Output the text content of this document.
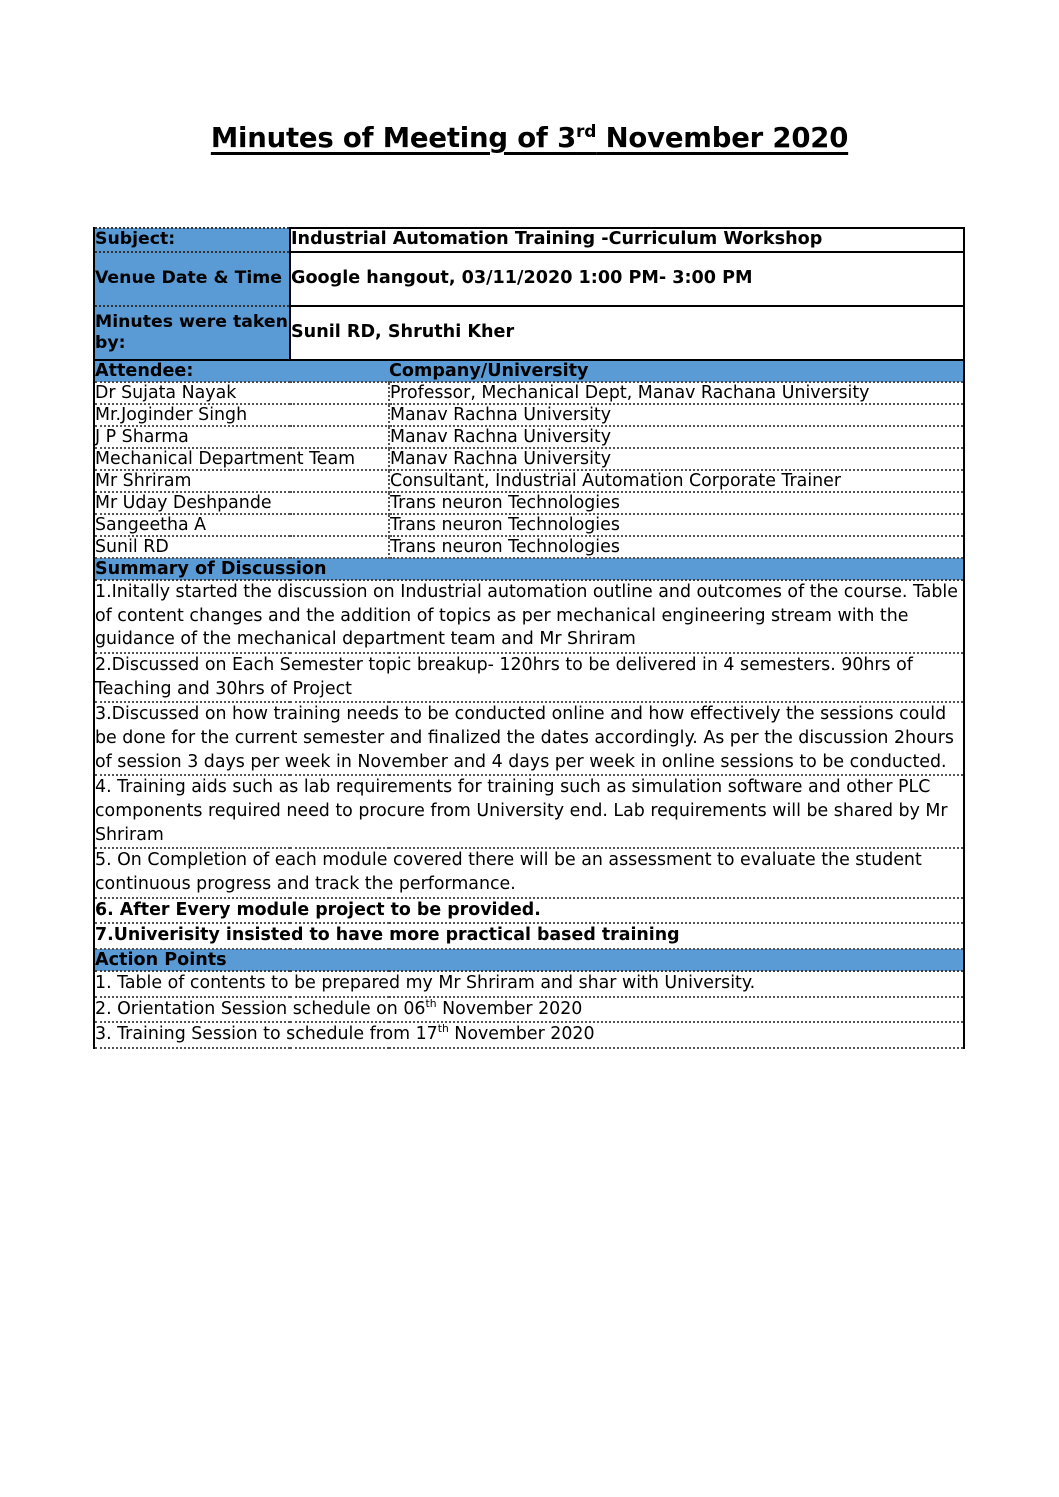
Minutes of Meeting of 3rd November 2020
Subject:	Industrial Automation Training -Curriculum Workshop	
Venue Date & Time	Google hangout, 03/11/2020 1:00 PM- 3:00 PM	
Minutes were taken by:	Sunil RD, Shruthi Kher	
Attendee:		Company/University
Dr Sujata Nayak		Professor, Mechanical Dept, Manav Rachana University
Mr.Joginder Singh		Manav Rachna University
J P Sharma		Manav Rachna University
Mechanical Department Team		Manav Rachna University
Mr Shriram		Consultant, Industrial Automation Corporate Trainer
Mr Uday Deshpande		Trans neuron Technologies
Sangeetha A		Trans neuron Technologies
Sunil RD		Trans neuron Technologies
Summary of Discussion		
1.Initally started the discussion on Industrial automation outline and outcomes of the course. Table of content changes and the addition of topics as per mechanical engineering stream with the guidance of the mechanical department team and Mr Shriram		
2.Discussed on Each Semester topic breakup- 120hrs to be delivered in 4 semesters. 90hrs of Teaching and 30hrs of Project		
3.Discussed on how training needs to be conducted online and how effectively the sessions could be done for the current semester and finalized the dates accordingly. As per the discussion 2hours of session 3 days per week in November and 4 days per week in online sessions to be conducted.		
4. Training aids such as lab requirements for training such as simulation software and other PLC components required need to procure from University end. Lab requirements will be shared by Mr Shriram		
5. On Completion of each module covered there will be an assessment to evaluate the student continuous progress and track the performance.		
6. After Every module project to be provided.		
7.Univerisity insisted to have more practical based training		
Action Points		
1. Table of contents to be prepared my Mr Shriram and shar with University.		
2. Orientation Session schedule on 06th November 2020		
3. Training Session to schedule from 17th November 2020		
